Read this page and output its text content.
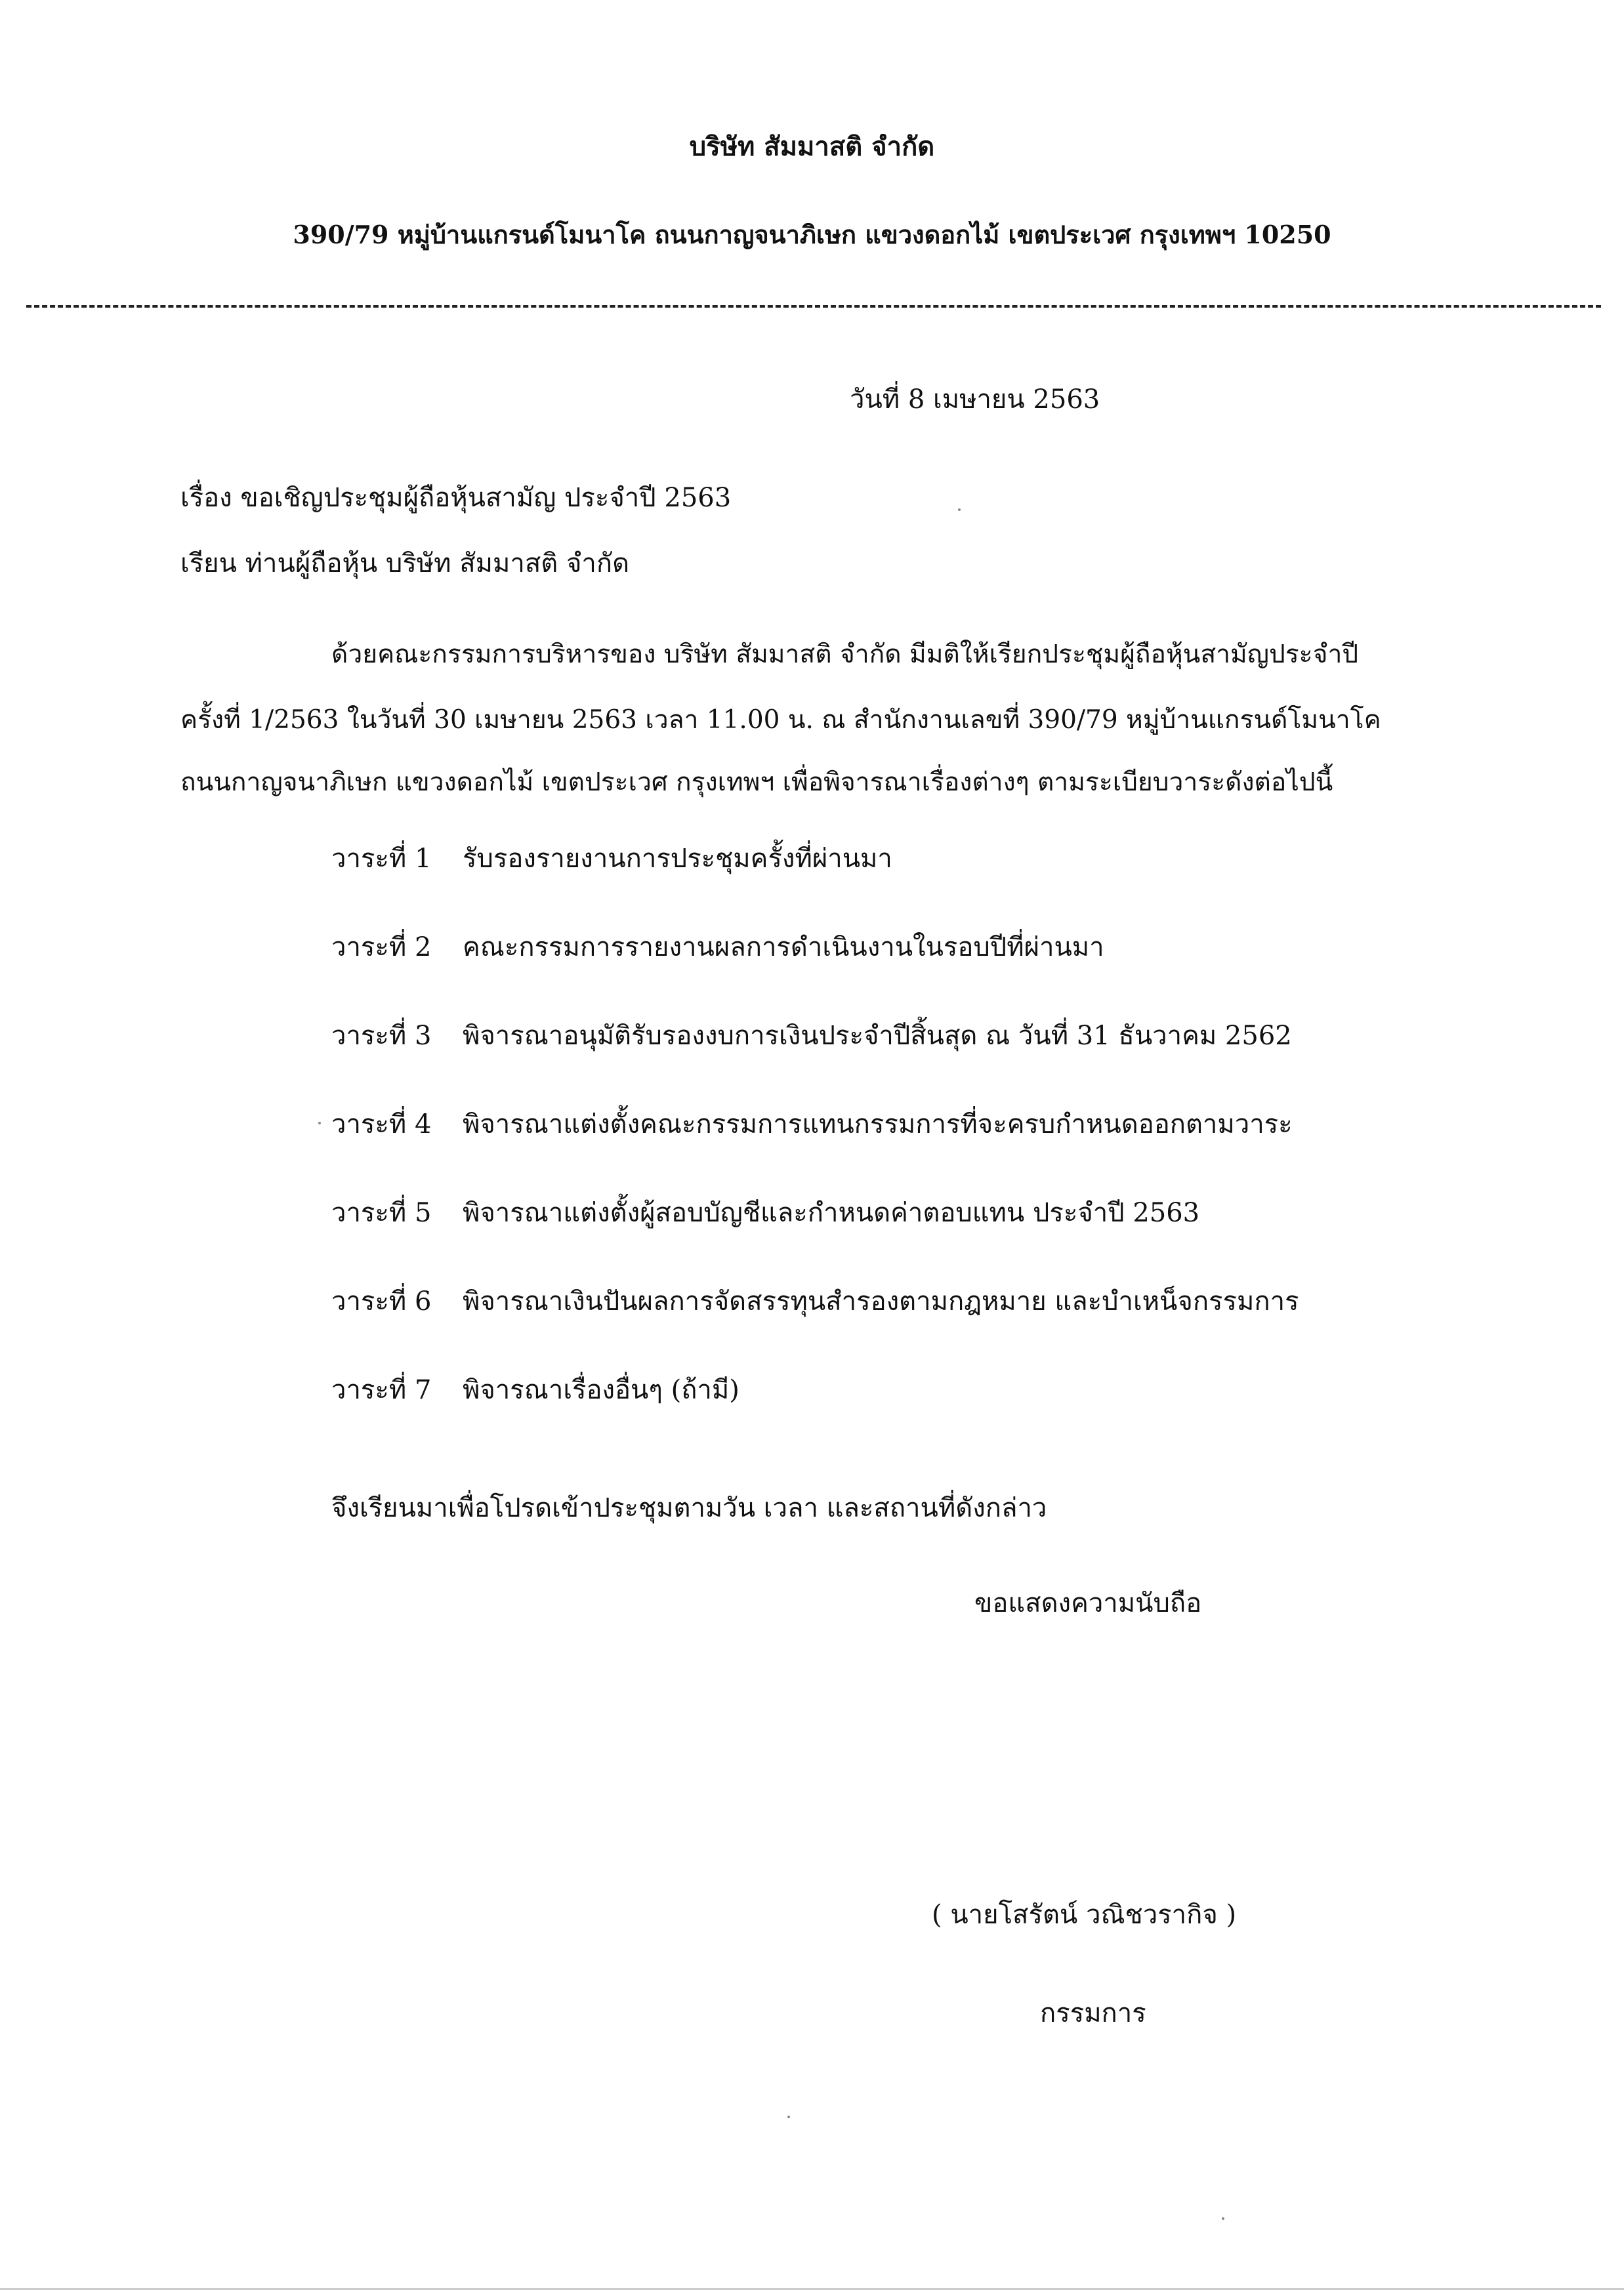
บริษัท สัมมาสติ จำกัด
390/79 หมู่บ้านแกรนด์โมนาโค ถนนกาญจนาภิเษก แขวงดอกไม้ เขตประเวศ กรุงเทพฯ 10250
วันที่ 8 เมษายน 2563
เรื่อง ขอเชิญประชุมผู้ถือหุ้นสามัญ ประจำปี 2563
เรียน ท่านผู้ถือหุ้น บริษัท สัมมาสติ จำกัด
ด้วยคณะกรรมการบริหารของ บริษัท สัมมาสติ จำกัด มีมติให้เรียกประชุมผู้ถือหุ้นสามัญประจำปี
ครั้งที่ 1/2563 ในวันที่ 30 เมษายน 2563 เวลา 11.00 น. ณ สำนักงานเลขที่ 390/79 หมู่บ้านแกรนด์โมนาโค
ถนนกาญจนาภิเษก แขวงดอกไม้ เขตประเวศ กรุงเทพฯ เพื่อพิจารณาเรื่องต่างๆ ตามระเบียบวาระดังต่อไปนี้
วาระที่ 1 รับรองรายงานการประชุมครั้งที่ผ่านมา
วาระที่ 2 คณะกรรมการรายงานผลการดำเนินงานในรอบปีที่ผ่านมา
วาระที่ 3 พิจารณาอนุมัติรับรองงบการเงินประจำปีสิ้นสุด ณ วันที่ 31 ธันวาคม 2562
วาระที่ 4 พิจารณาแต่งตั้งคณะกรรมการแทนกรรมการที่จะครบกำหนดออกตามวาระ
วาระที่ 5 พิจารณาแต่งตั้งผู้สอบบัญชีและกำหนดค่าตอบแทน ประจำปี 2563
วาระที่ 6 พิจารณาเงินปันผลการจัดสรรทุนสำรองตามกฎหมาย และบำเหน็จกรรมการ
วาระที่ 7 พิจารณาเรื่องอื่นๆ (ถ้ามี)
จึงเรียนมาเพื่อโปรดเข้าประชุมตามวัน เวลา และสถานที่ดังกล่าว
ขอแสดงความนับถือ
( นายโสรัตน์ วณิชวรากิจ )
กรรมการ
